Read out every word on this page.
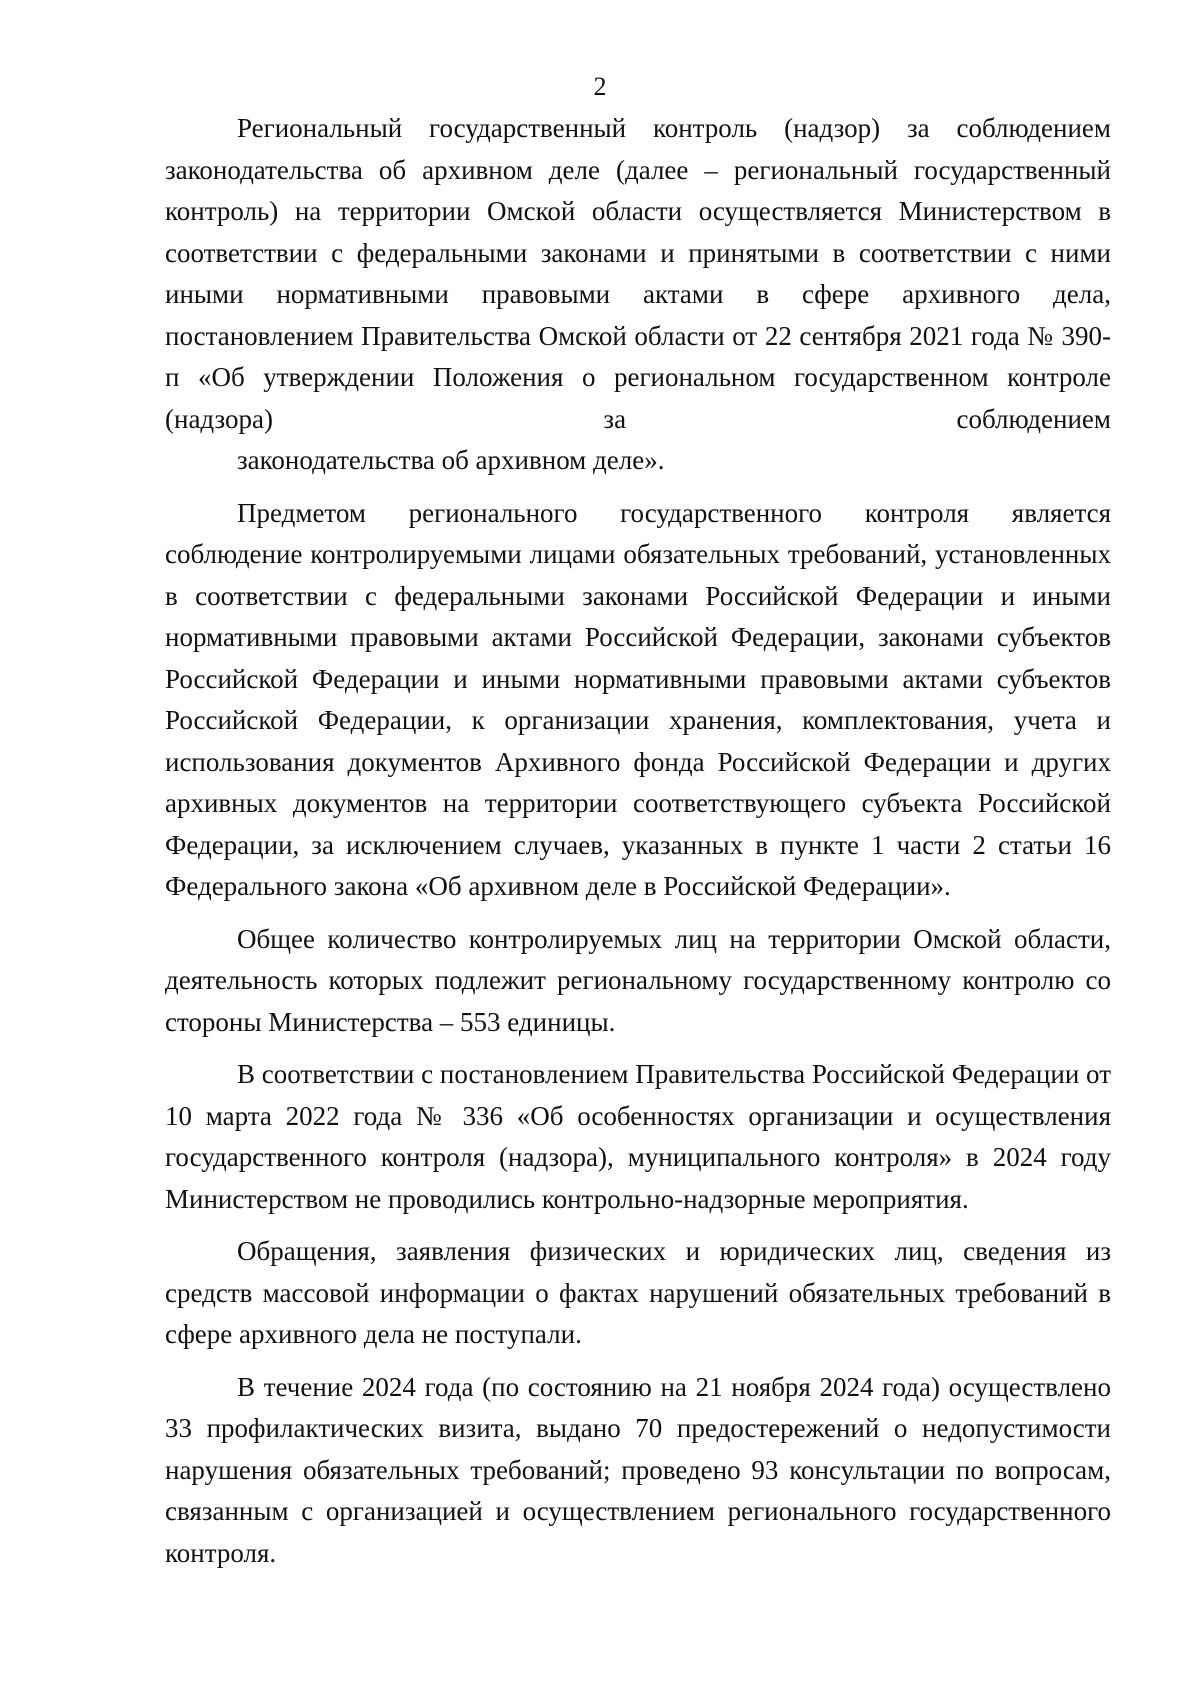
2

Региональный государственный контроль (надзор) за соблюдением законодательства об архивном деле (далее – региональный государственный контроль) на территории Омской области осуществляется Министерством в соответствии с федеральными законами и принятыми в соответствии с ними иными нормативными правовыми актами в сфере архивного дела, постановлением Правительства Омской области от 22 сентября 2021 года № 390-п «Об утверждении Положения о региональном государственном контроле (надзора) за соблюдением
законодательства об архивном деле».

Предметом регионального государственного контроля является соблюдение контролируемыми лицами обязательных требований, установленных в соответствии с федеральными законами Российской Федерации и иными нормативными правовыми актами Российской Федерации, законами субъектов Российской Федерации и иными нормативными правовыми актами субъектов Российской Федерации, к организации хранения, комплектования, учета и использования документов Архивного фонда Российской Федерации и других архивных документов на территории соответствующего субъекта Российской Федерации, за исключением случаев, указанных в пункте 1 части 2 статьи 16 Федерального закона «Об архивном деле в Российской Федерации».

Общее количество контролируемых лиц на территории Омской области, деятельность которых подлежит региональному государственному контролю со стороны Министерства – 553 единицы.

В соответствии с постановлением Правительства Российской Федерации от 10 марта 2022 года № 336 «Об особенностях организации и осуществления государственного контроля (надзора), муниципального контроля» в 2024 году Министерством не проводились контрольно-надзорные мероприятия.

Обращения, заявления физических и юридических лиц, сведения из средств массовой информации о фактах нарушений обязательных требований в сфере архивного дела не поступали.

В течение 2024 года (по состоянию на 21 ноября 2024 года) осуществлено 33 профилактических визита, выдано 70 предостережений о недопустимости нарушения обязательных требований; проведено 93 консультации по вопросам, связанным с организацией и осуществлением регионального государственного контроля.
